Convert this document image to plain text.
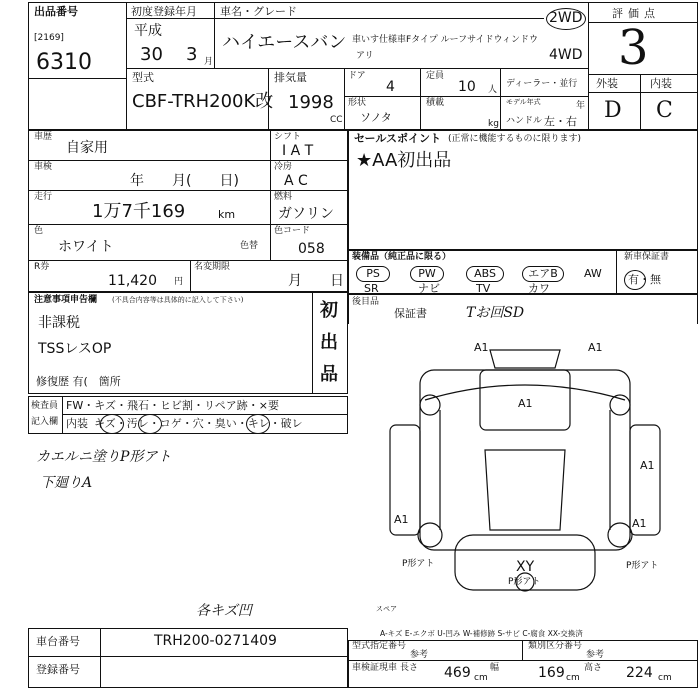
出品番号
[2169]
6310
初度登録年月
平成
30 3 月
車名・グレード
ハイエースバン 車いす仕様車Fタイプ ルーフサイドウィンドウ
アリ
2WD
4WD
評価点
3
型式
CBF-TRH200K改
排気量
1998
CC
ドア
4
定員
10 人
ディーラー・並行
形状
ソノタ
積載
kg
モデル年式	年
ハンドル 左・右
外装	内装
D C
車歴
自家用
シフト
I A T
車検
年　　月(　　日)
冷房
A C
走行
1万7千169	km
燃料
ガソリン
色
ホワイト	色替
色コード
058
R券
11,420 円
名変期限
月　　日
セールスポイント (正常に機能するものに限ります)
★AA初出品
装備品（純正品に限る）	新車保証書
PS	PW	ABS	エアB	AW
SR	ナビ	TV	カワ
有・無
後目品
保証書	Tお回SD
注意事項申告欄 (不具合内容等は具体的に記入して下さい)
非課税
TSSレスOP
修復歴 有(　箇所
初
出
品
検査員
記入欄
FW・キズ・飛石・ヒビ割・リペア跡・×要
内装 キズ・汚レ・コゲ・穴・臭い・キレ・破レ
カエルニ塗りP形アト
下廻りA
各キズ凹
A1	A1
A1
A1
A1
A1
XY
P形アト
P形アト	P形アト
スペア
A-キズ E-エクボ U-凹み W-補修跡 S-サビ C-腐食 XX-交換済
車台番号	TRH200-0271409
登録番号
型式指定番号
参考
類別区分番号
参考
車検証現車 長さ 469 cm
幅	169 cm
高さ 224 cm
